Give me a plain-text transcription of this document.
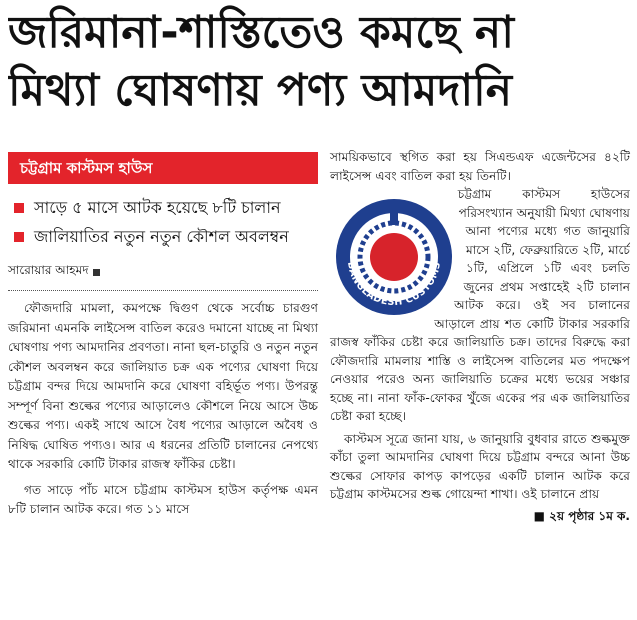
জরিমানা-শাস্তিতেও কমছে না
মিথ্যা ঘোষণায় পণ্য আমদানি
চট্টগ্রাম কাস্টমস হাউস
সাড়ে ৫ মাসে আটক হয়েছে ৮টি চালান
জালিয়াতির নতুন নতুন কৌশল অবলম্বন
সারোয়ার আহমদ

ফৌজদারি মামলা, কমপক্ষে দ্বিগুণ থেকে সর্বোচ্চ চারগুণ জরিমানা এমনকি লাইসেন্স বাতিল করেও দমানো যাচ্ছে না মিথ্যা ঘোষণায় পণ্য আমদানির প্রবণতা। নানা ছল-চাতুরি ও নতুন নতুন কৌশল অবলম্বন করে জালিয়াত চক্র এক পণ্যের ঘোষণা দিয়ে চট্টগ্রাম বন্দর দিয়ে আমদানি করে ঘোষণা বহির্ভূত পণ্য। উপরন্তু সম্পূর্ণ বিনা শুল্কের পণ্যের আড়ালেও কৌশলে নিয়ে আসে উচ্চ শুল্কের পণ্য। একই সাথে আসে বৈধ পণ্যের আড়ালে অবৈধ ও নিষিদ্ধ ঘোষিত পণ্যও। আর এ ধরনের প্রতিটি চালানের নেপথ্যে থাকে সরকারি কোটি টাকার রাজস্ব ফাঁকির চেষ্টা।

গত সাড়ে পাঁচ মাসে চট্টগ্রাম কাস্টমস হাউস কর্তৃপক্ষ এমন ৮টি চালান আটক করে। গত ১১ মাসে

সাময়িকভাবে স্থগিত করা হয় সিএন্ডএফ এজেন্টসের ৪২টি লাইসেন্স এবং বাতিল করা হয় তিনটি।

BANGLADESH CUSTOMS

চট্টগ্রাম কাস্টমস হাউসের পরিসংখ্যান অনুযায়ী মিথ্যা ঘোষণায় আনা পণ্যের মধ্যে গত জানুয়ারি মাসে ২টি, ফেব্রুয়ারিতে ২টি, মার্চে ১টি, এপ্রিলে ১টি এবং চলতি জুনের প্রথম সপ্তাহেই ২টি চালান আটক করে। ওই সব চালানের আড়ালে প্রায় শত কোটি টাকার সরকারি রাজস্ব ফাঁকির চেষ্টা করে জালিয়াতি চক্র। তাদের বিরুদ্ধে করা ফৌজদারি মামলায় শাস্তি ও লাইসেন্স বাতিলের মত পদক্ষেপ নেওয়ার পরেও অন্য জালিয়াতি চক্রের মধ্যে ভয়ের সঞ্চার হচ্ছে না। নানা ফাঁক-ফোকর খুঁজে একের পর এক জালিয়াতির চেষ্টা করা হচ্ছে।

কাস্টমস সূত্রে জানা যায়, ৬ জানুয়ারি বুধবার রাতে শুল্কমুক্ত কাঁচা তুলা আমদানির ঘোষণা দিয়ে চট্টগ্রাম বন্দরে আনা উচ্চ শুল্কের সোফার কাপড় কাপড়ের একটি চালান আটক করে চট্টগ্রাম কাস্টমসের শুল্ক গোয়েন্দা শাখা। ওই চালানে প্রায়

■ ২য় পৃষ্ঠার ১ম ক.
